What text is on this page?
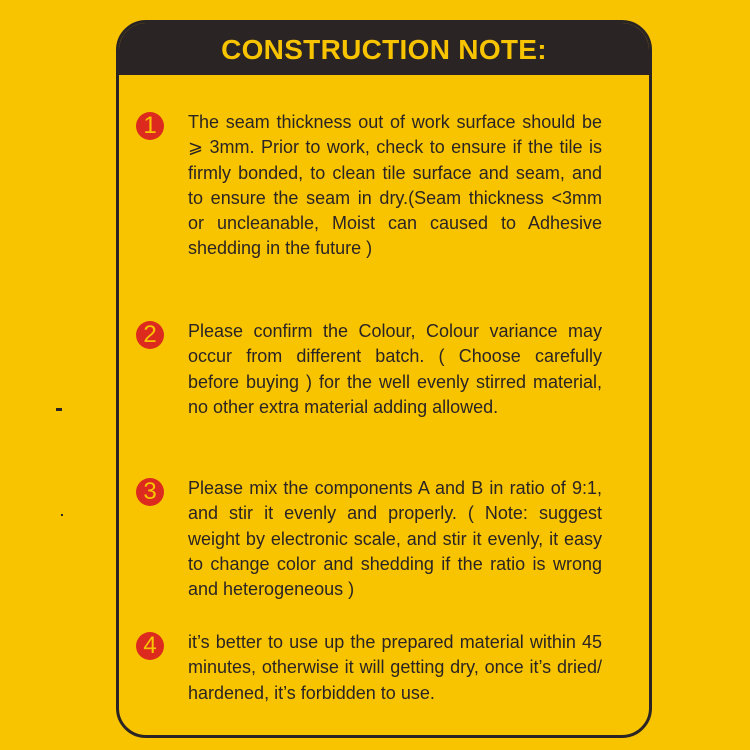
CONSTRUCTION NOTE:
1	The seam thickness out of work surface should be ⩾ 3mm. Prior to work, check to ensure if the tile is firmly bonded, to clean tile surface and seam, and to ensure the seam in dry.(Seam thickness <3mm or uncleanable, Moist can caused to Adhesive shedding in the future )
2	Please confirm the Colour, Colour variance may occur from different batch. ( Choose carefully before buying ) for the well evenly stirred material, no other extra material adding allowed.
3	Please mix the components A and B in ratio of 9:1, and stir it evenly and properly. ( Note: suggest weight by electronic scale, and stir it evenly, it easy to change color and shedding if the ratio is wrong and heterogeneous )
4	it’s better to use up the prepared material within 45 minutes, otherwise it will getting dry, once it’s dried/ hardened, it’s forbidden to use.
